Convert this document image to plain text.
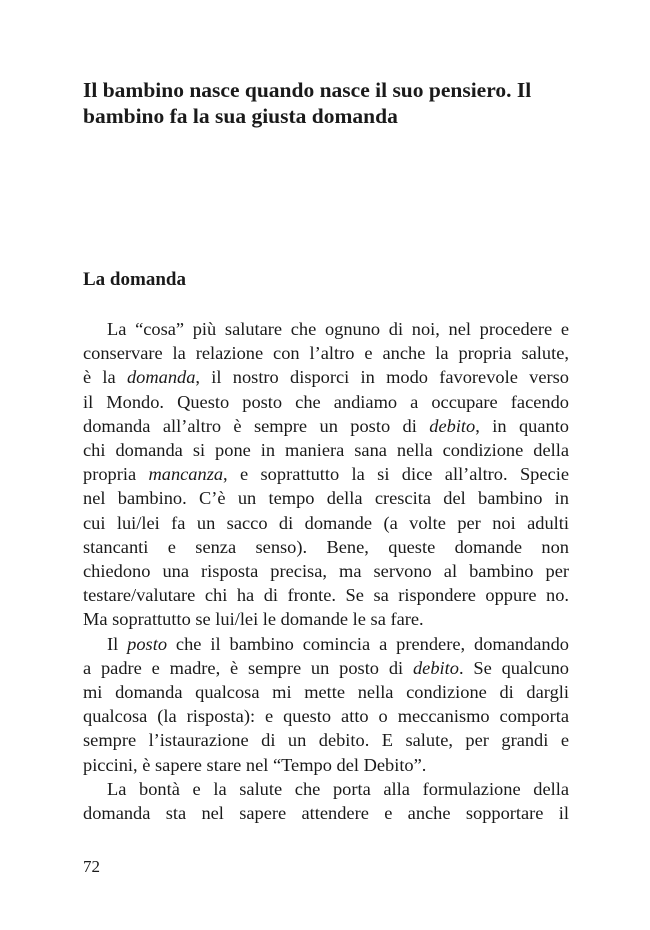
Il bambino nasce quando nasce il suo pensiero. Il
bambino fa la sua giusta domanda
La domanda

La “cosa” più salutare che ognuno di noi, nel procedere e
conservare la relazione con l’altro e anche la propria salute,
è la domanda, il nostro disporci in modo favorevole verso
il Mondo. Questo posto che andiamo a occupare facendo
domanda all’altro è sempre un posto di debito, in quanto
chi domanda si pone in maniera sana nella condizione della
propria mancanza, e soprattutto la si dice all’altro. Specie
nel bambino. C’è un tempo della crescita del bambino in
cui lui/lei fa un sacco di domande (a volte per noi adulti
stancanti e senza senso). Bene, queste domande non
chiedono una risposta precisa, ma servono al bambino per
testare/valutare chi ha di fronte. Se sa rispondere oppure no.
Ma soprattutto se lui/lei le domande le sa fare.

Il posto che il bambino comincia a prendere, domandando
a padre e madre, è sempre un posto di debito. Se qualcuno
mi domanda qualcosa mi mette nella condizione di dargli
qualcosa (la risposta): e questo atto o meccanismo comporta
sempre l’istaurazione di un debito. E salute, per grandi e
piccini, è sapere stare nel “Tempo del Debito”.

La bontà e la salute che porta alla formulazione della
domanda sta nel sapere attendere e anche sopportare il

72
